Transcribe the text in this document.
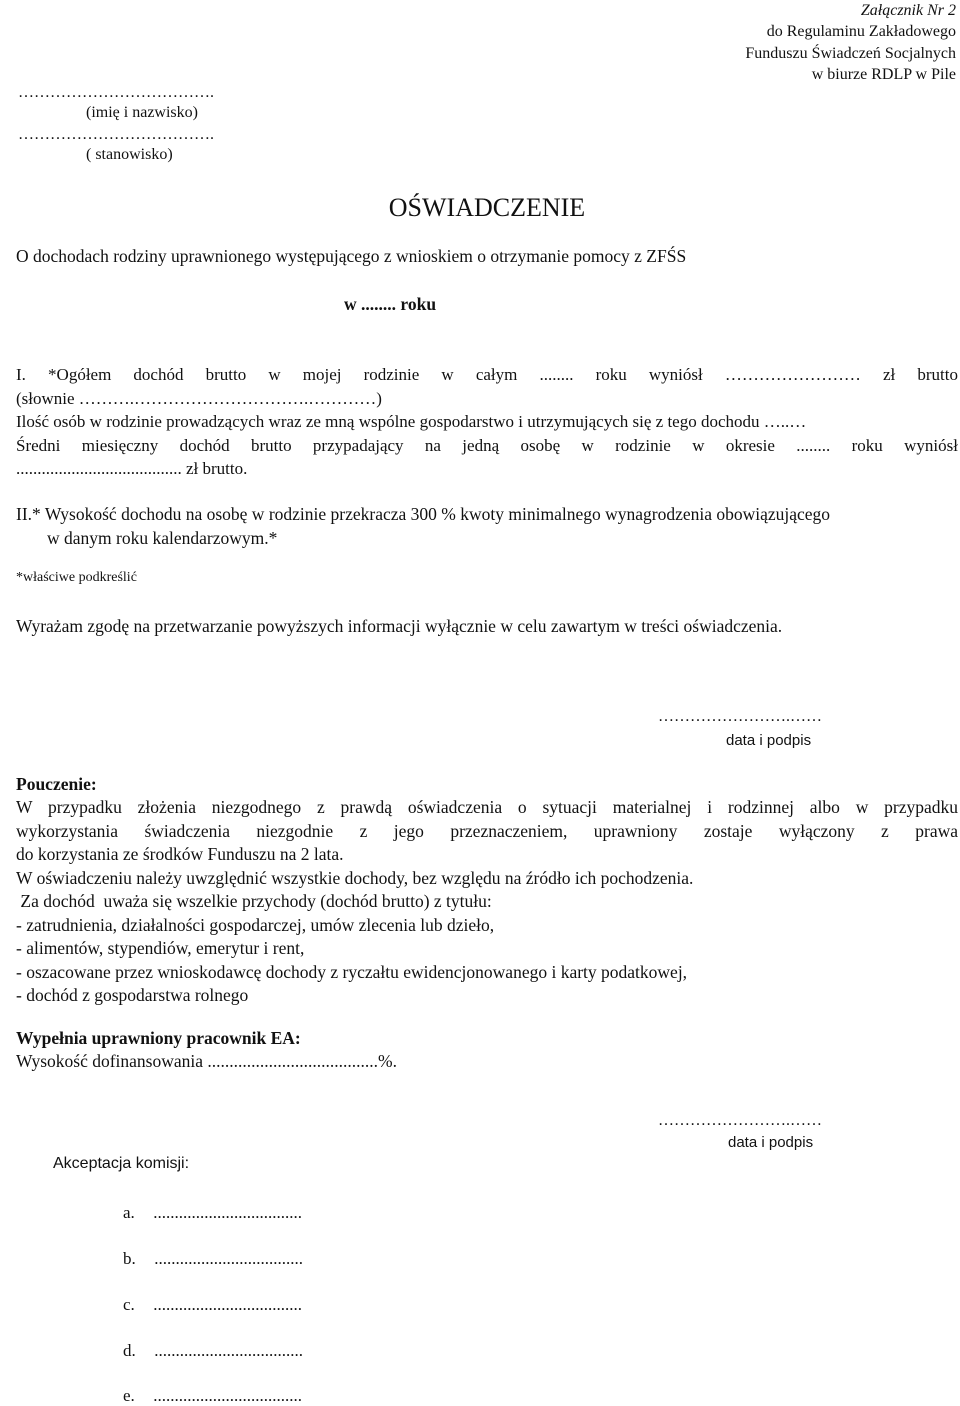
Załącznik Nr 2
do Regulaminu Zakładowego
Funduszu Świadczeń Socjalnych
w biurze RDLP w Pile
……………………………….
(imię i nazwisko)
……………………………….
( stanowisko)
OŚWIADCZENIE
O dochodach rodziny uprawnionego występującego z wnioskiem o otrzymanie pomocy z ZFŚS
w ........ roku
I. *Ogółem dochód brutto w mojej rodzinie w całym ........ roku wyniósł …………………… zł brutto
(słownie ……….………………………….…………)
Ilość osób w rodzinie prowadzących wraz ze mną wspólne gospodarstwo i utrzymujących się z tego dochodu …..…
Średni miesięczny dochód brutto przypadający na jedną osobę w rodzinie w okresie ........ roku wyniósł
....................................... zł brutto.
II.* Wysokość dochodu na osobę w rodzinie przekracza 300 % kwoty minimalnego wynagrodzenia obowiązującego
w danym roku kalendarzowym.*
*właściwe podkreślić
Wyrażam zgodę na przetwarzanie powyższych informacji wyłącznie w celu zawartym w treści oświadczenia.
…………………….……
data i podpis
Pouczenie:
W przypadku złożenia niezgodnego z prawdą oświadczenia o sytuacji materialnej i rodzinnej albo w przypadku
wykorzystania świadczenia niezgodnie z jego przeznaczeniem, uprawniony zostaje wyłączony z prawa
do korzystania ze środków Funduszu na 2 lata.
W oświadczeniu należy uwzględnić wszystkie dochody, bez względu na źródło ich pochodzenia.
Za dochód  uważa się wszelkie przychody (dochód brutto) z tytułu:
- zatrudnienia, działalności gospodarczej, umów zlecenia lub dzieło,
- alimentów, stypendiów, emerytur i rent,
- oszacowane przez wnioskodawcę dochody z ryczałtu ewidencjonowanego i karty podatkowej,
- dochód z gospodarstwa rolnego
Wypełnia uprawniony pracownik EA:
Wysokość dofinansowania .......................................%.
…………………….……
data i podpis
Akceptacja komisji:
a. ...................................
b. ...................................
c. ...................................
d. ...................................
e. ...................................
